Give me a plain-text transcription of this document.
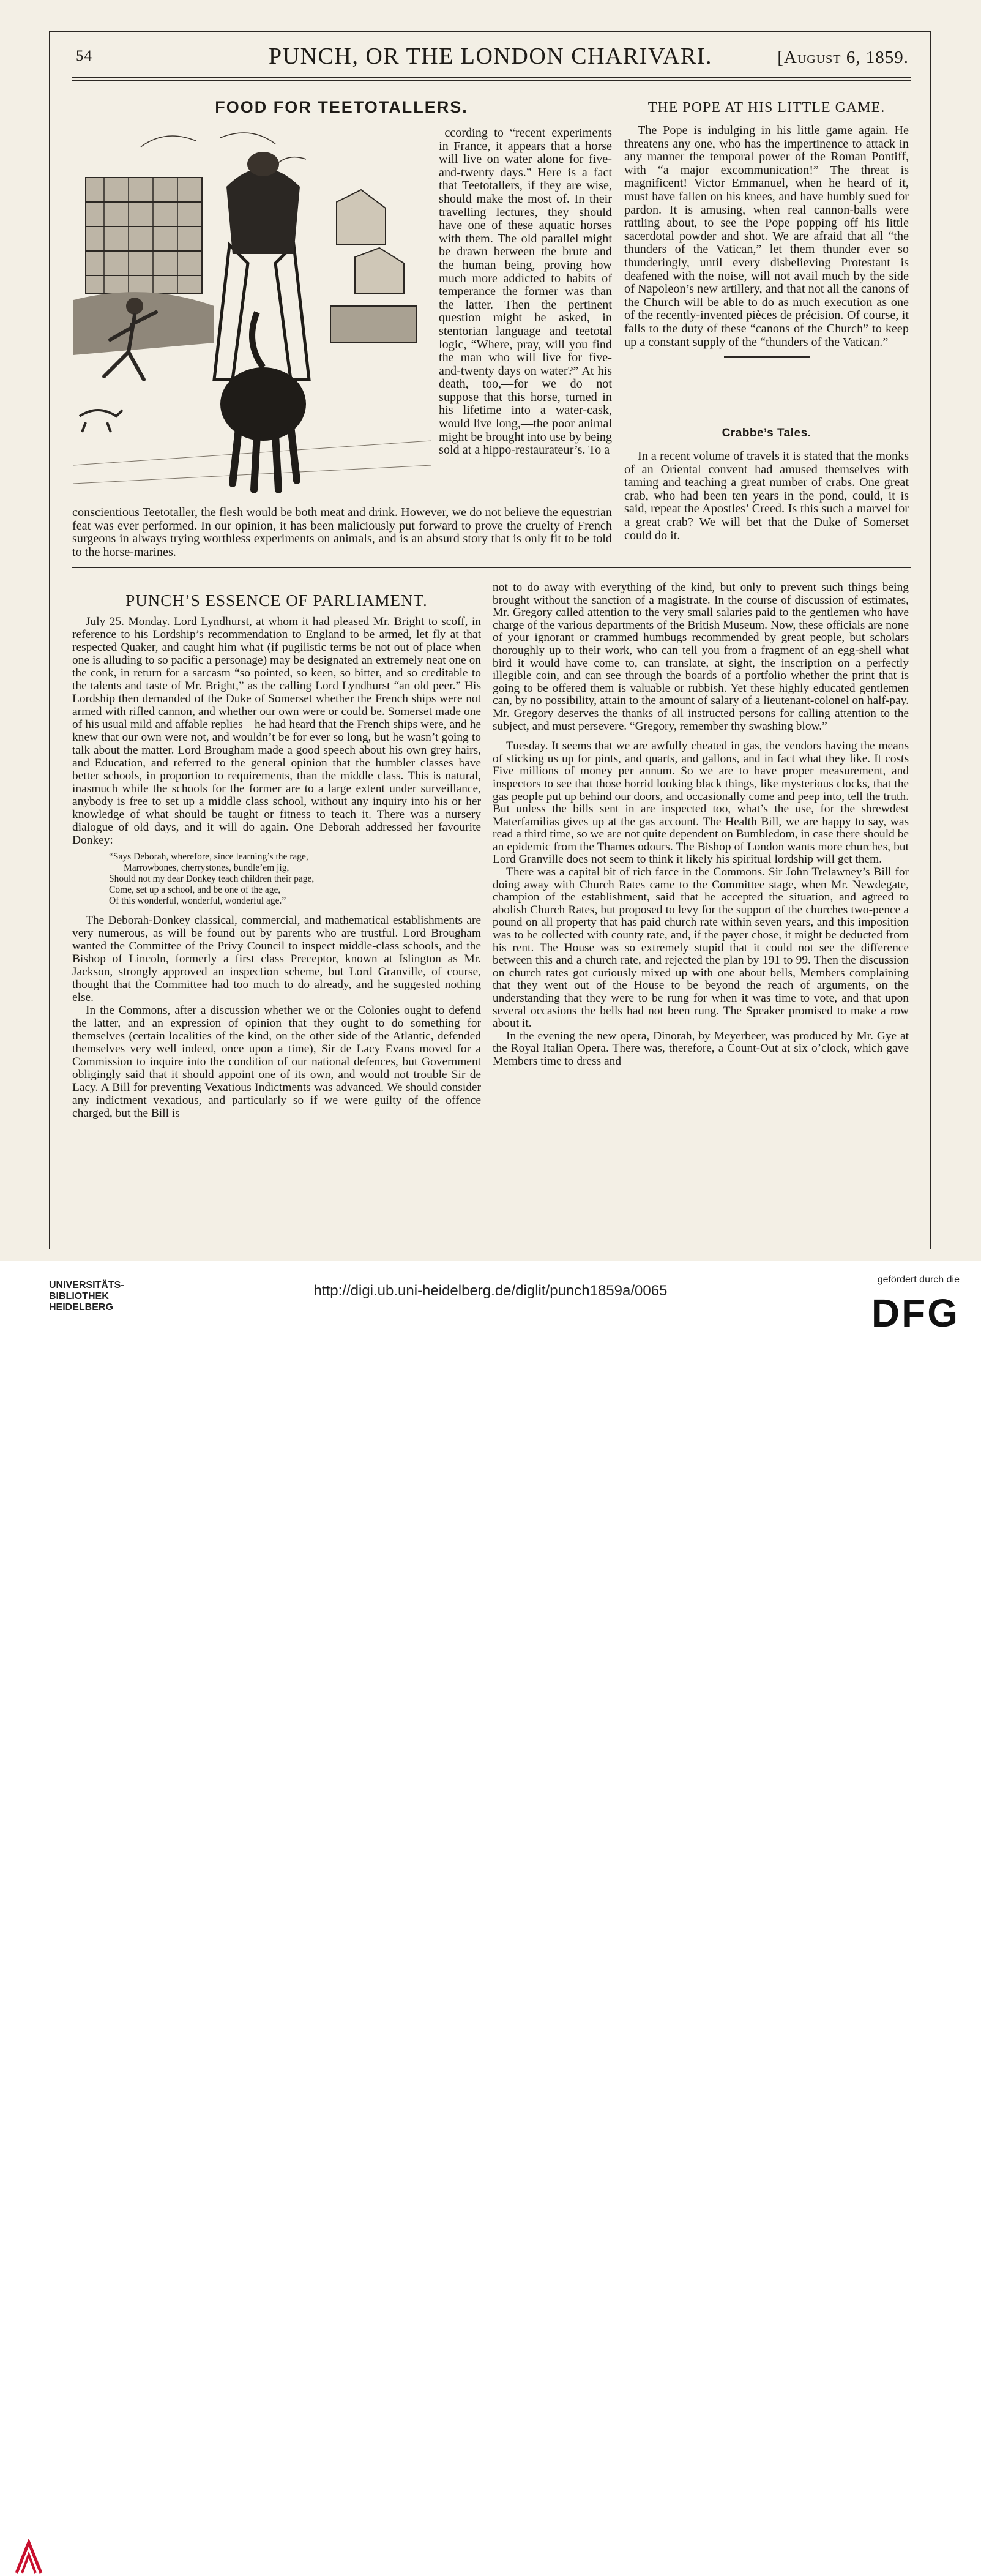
54	PUNCH, OR THE LONDON CHARIVARI.	[August 6, 1859.
FOOD FOR TEETOTALLERS.

ccording to “recent experiments in France, it appears that a horse will live on water alone for five-and-twenty days.” Here is a fact that Teetotallers, if they are wise, should make the most of. In their travelling lectures, they should have one of these aquatic horses with them. The old parallel might be drawn between the brute and the human being, proving how much more addicted to habits of temperance the former was than the latter. Then the pertinent question might be asked, in stentorian language and teetotal logic, “Where, pray, will you find the man who will live for five-and-twenty days on water?” At his death, too,—for we do not suppose that this horse, turned in his lifetime into a water-cask, would live long,—the poor animal might be brought into use by being sold at a hippo-restaurateur’s. To a

conscientious Teetotaller, the flesh would be both meat and drink. However, we do not believe the equestrian feat was ever performed. In our opinion, it has been maliciously put forward to prove the cruelty of French surgeons in always trying worthless experiments on animals, and is an absurd story that is only fit to be told to the horse-marines.

THE POPE AT HIS LITTLE GAME.

The Pope is indulging in his little game again. He threatens any one, who has the impertinence to attack in any manner the temporal power of the Roman Pontiff, with “a major excommunication!” The threat is magnificent! Victor Emmanuel, when he heard of it, must have fallen on his knees, and have humbly sued for pardon. It is amusing, when real cannon-balls were rattling about, to see the Pope popping off his little sacerdotal powder and shot. We are afraid that all “the thunders of the Vatican,” let them thunder ever so thunderingly, until every disbelieving Protestant is deafened with the noise, will not avail much by the side of Napoleon’s new artillery, and that not all the canons of the Church will be able to do as much execution as one of the recently-invented pièces de précision. Of course, it falls to the duty of these “canons of the Church” to keep up a constant supply of the “thunders of the Vatican.”

Crabbe’s Tales.

In a recent volume of travels it is stated that the monks of an Oriental convent had amused themselves with taming and teaching a great number of crabs. One great crab, who had been ten years in the pond, could, it is said, repeat the Apostles’ Creed. Is this such a marvel for a great crab? We will bet that the Duke of Somerset could do it.

PUNCH’S ESSENCE OF PARLIAMENT.

July 25. Monday. Lord Lyndhurst, at whom it had pleased Mr. Bright to scoff, in reference to his Lordship’s recommendation to England to be armed, let fly at that respected Quaker, and caught him what (if pugilistic terms be not out of place when one is alluding to so pacific a personage) may be designated an extremely neat one on the conk, in return for a sarcasm “so pointed, so keen, so bitter, and so creditable to the talents and taste of Mr. Bright,” as the calling Lord Lyndhurst “an old peer.” His Lordship then demanded of the Duke of Somerset whether the French ships were not armed with rifled cannon, and whether our own were or could be. Somerset made one of his usual mild and affable replies—he had heard that the French ships were, and he knew that our own were not, and wouldn’t be for ever so long, but he wasn’t going to talk about the matter. Lord Brougham made a good speech about his own grey hairs, and Education, and referred to the general opinion that the humbler classes have better schools, in proportion to requirements, than the middle class. This is natural, inasmuch while the schools for the former are to a large extent under surveillance, anybody is free to set up a middle class school, without any inquiry into his or her knowledge of what should be taught or fitness to teach it. There was a nursery dialogue of old days, and it will do again. One Deborah addressed her favourite Donkey:—

“Says Deborah, wherefore, since learning’s the rage,
Marrowbones, cherrystones, bundle’em jig,
Should not my dear Donkey teach children their page,
Come, set up a school, and be one of the age,
Of this wonderful, wonderful, wonderful age.”

The Deborah-Donkey classical, commercial, and mathematical establishments are very numerous, as will be found out by parents who are trustful. Lord Brougham wanted the Committee of the Privy Council to inspect middle-class schools, and the Bishop of Lincoln, formerly a first class Preceptor, known at Islington as Mr. Jackson, strongly approved an inspection scheme, but Lord Granville, of course, thought that the Committee had too much to do already, and he suggested nothing else.

In the Commons, after a discussion whether we or the Colonies ought to defend the latter, and an expression of opinion that they ought to do something for themselves (certain localities of the kind, on the other side of the Atlantic, defended themselves very well indeed, once upon a time), Sir de Lacy Evans moved for a Commission to inquire into the condition of our national defences, but Government obligingly said that it should appoint one of its own, and would not trouble Sir de Lacy. A Bill for preventing Vexatious Indictments was advanced. We should consider any indictment vexatious, and particularly so if we were guilty of the offence charged, but the Bill is

not to do away with everything of the kind, but only to prevent such things being brought without the sanction of a magistrate. In the course of discussion of estimates, Mr. Gregory called attention to the very small salaries paid to the gentlemen who have charge of the various departments of the British Museum. Now, these officials are none of your ignorant or crammed humbugs recommended by great people, but scholars thoroughly up to their work, who can tell you from a fragment of an egg-shell what bird it would have come to, can translate, at sight, the inscription on a perfectly illegible coin, and can see through the boards of a portfolio whether the print that is going to be offered them is valuable or rubbish. Yet these highly educated gentlemen can, by no possibility, attain to the amount of salary of a lieutenant-colonel on half-pay. Mr. Gregory deserves the thanks of all instructed persons for calling attention to the subject, and must persevere. “Gregory, remember thy swashing blow.”

Tuesday. It seems that we are awfully cheated in gas, the vendors having the means of sticking us up for pints, and quarts, and gallons, and in fact what they like. It costs Five millions of money per annum. So we are to have proper measurement, and inspectors to see that those horrid looking black things, like mysterious clocks, that the gas people put up behind our doors, and occasionally come and peep into, tell the truth. But unless the bills sent in are inspected too, what’s the use, for the shrewdest Materfamilias gives up at the gas account. The Health Bill, we are happy to say, was read a third time, so we are not quite dependent on Bumbledom, in case there should be an epidemic from the Thames odours. The Bishop of London wants more churches, but Lord Granville does not seem to think it likely his spiritual lordship will get them.

There was a capital bit of rich farce in the Commons. Sir John Trelawney’s Bill for doing away with Church Rates came to the Committee stage, when Mr. Newdegate, champion of the establishment, said that he accepted the situation, and agreed to abolish Church Rates, but proposed to levy for the support of the churches two-pence a pound on all property that has paid church rate within seven years, and this imposition was to be collected with county rate, and, if the payer chose, it might be deducted from his rent. The House was so extremely stupid that it could not see the difference between this and a church rate, and rejected the plan by 191 to 99. Then the discussion on church rates got curiously mixed up with one about bells, Members complaining that they went out of the House to be beyond the reach of arguments, on the understanding that they were to be rung for when it was time to vote, and that upon several occasions the bells had not been rung. The Speaker promised to make a row about it.

In the evening the new opera, Dinorah, by Meyerbeer, was produced by Mr. Gye at the Royal Italian Opera. There was, therefore, a Count-Out at six o’clock, which gave Members time to dress and

UNIVERSITÄTS-
BIBLIOTHEK
HEIDELBERG
http://digi.ub.uni-heidelberg.de/diglit/punch1859a/0065
gefördert durch die
DFG
